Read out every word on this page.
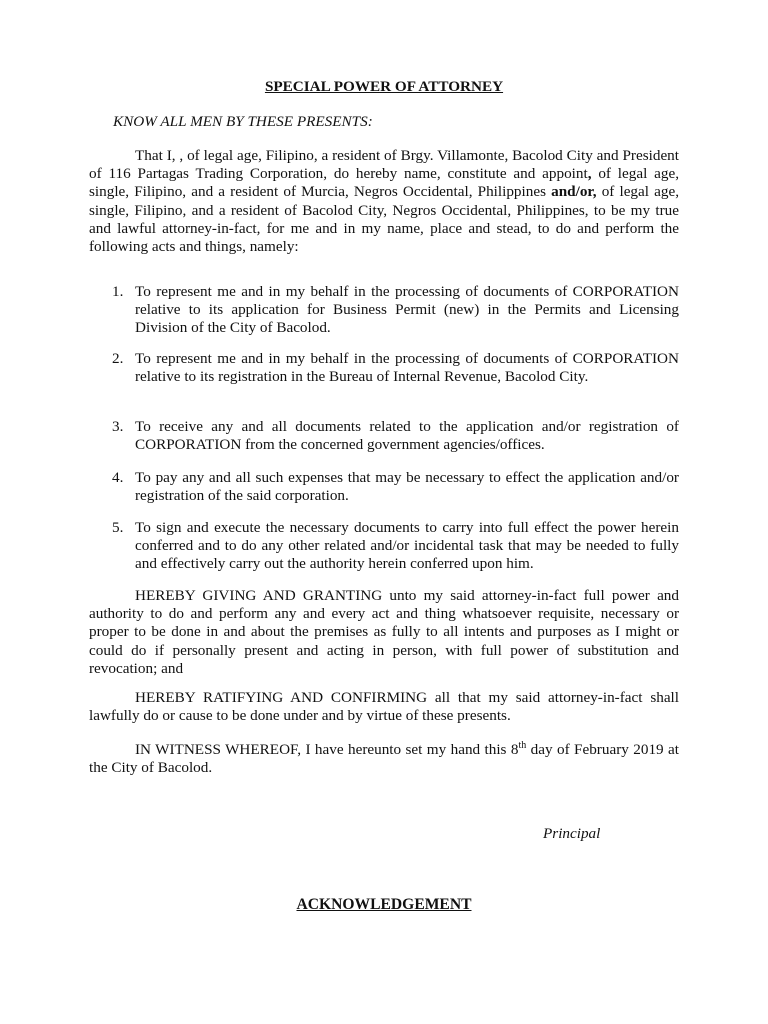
SPECIAL POWER OF ATTORNEY
KNOW ALL MEN BY THESE PRESENTS:

That I, , of legal age, Filipino, a resident of Brgy. Villamonte, Bacolod City and President of 116 Partagas Trading Corporation, do hereby name, constitute and appoint, of legal age, single, Filipino, and a resident of Murcia, Negros Occidental, Philippines and/or, of legal age, single, Filipino, and a resident of Bacolod City, Negros Occidental, Philippines, to be my true and lawful attorney-in-fact, for me and in my name, place and stead, to do and perform the following acts and things, namely:

1. To represent me and in my behalf in the processing of documents of CORPORATION relative to its application for Business Permit (new) in the Permits and Licensing Division of the City of Bacolod.
2. To represent me and in my behalf in the processing of documents of CORPORATION relative to its registration in the Bureau of Internal Revenue, Bacolod City.
3. To receive any and all documents related to the application and/or registration of CORPORATION from the concerned government agencies/offices.
4. To pay any and all such expenses that may be necessary to effect the application and/or registration of the said corporation.
5. To sign and execute the necessary documents to carry into full effect the power herein conferred and to do any other related and/or incidental task that may be needed to fully and effectively carry out the authority herein conferred upon him.

HEREBY GIVING AND GRANTING unto my said attorney-in-fact full power and authority to do and perform any and every act and thing whatsoever requisite, necessary or proper to be done in and about the premises as fully to all intents and purposes as I might or could do if personally present and acting in person, with full power of substitution and revocation; and

HEREBY RATIFYING AND CONFIRMING all that my said attorney-in-fact shall lawfully do or cause to be done under and by virtue of these presents.

IN WITNESS WHEREOF, I have hereunto set my hand this 8th day of February 2019 at the City of Bacolod.

Principal
ACKNOWLEDGEMENT
